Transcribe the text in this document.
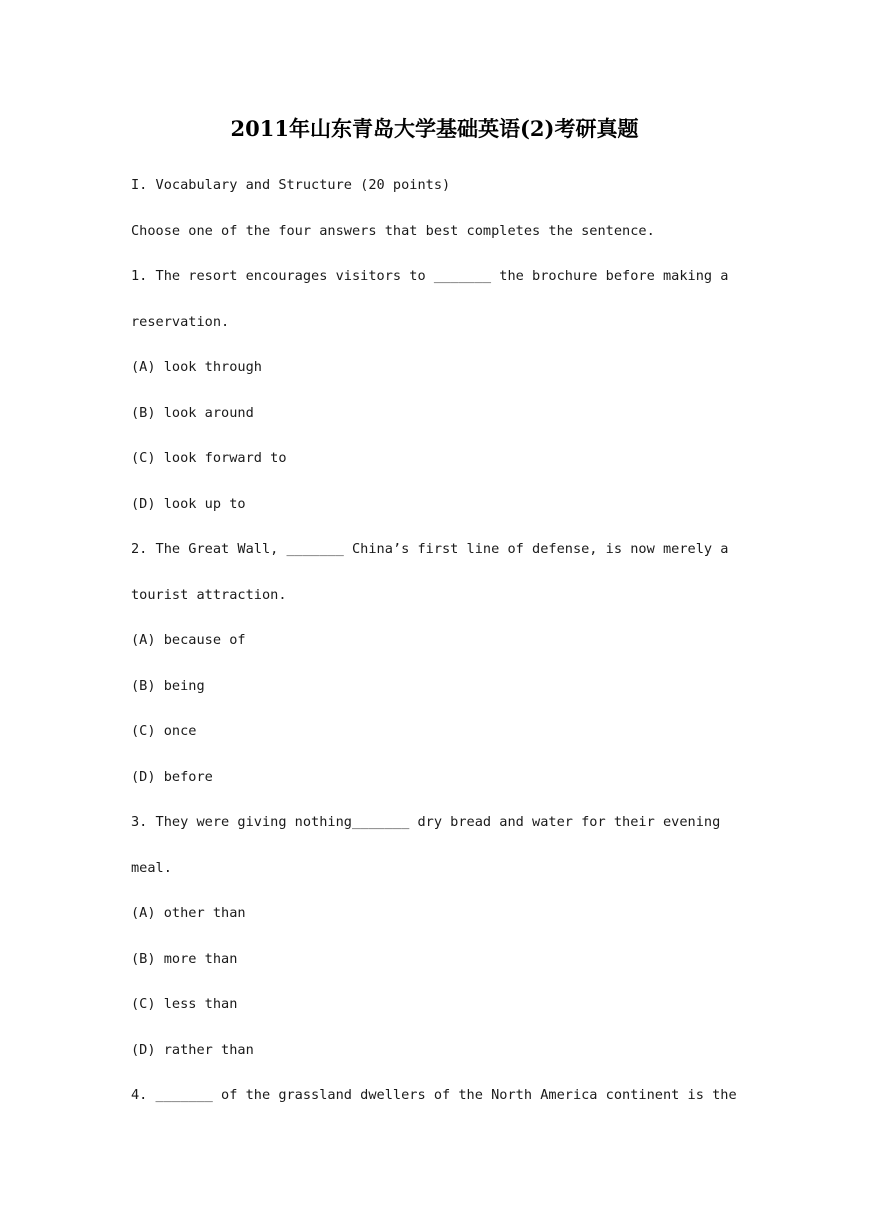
2011年山东青岛大学基础英语(2)考研真题
I. Vocabulary and Structure (20 points)
Choose one of the four answers that best completes the sentence.
1. The resort encourages visitors to _______ the brochure before making a
reservation.
(A) look through
(B) look around
(C) look forward to
(D) look up to
2. The Great Wall, _______ China’s first line of defense, is now merely a
tourist attraction.
(A) because of
(B) being
(C) once
(D) before
3. They were giving nothing_______ dry bread and water for their evening
meal.
(A) other than
(B) more than
(C) less than
(D) rather than
4. _______ of the grassland dwellers of the North America continent is the
